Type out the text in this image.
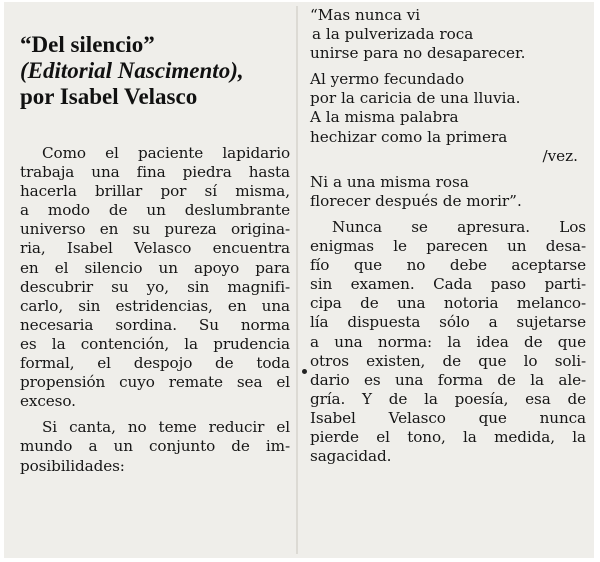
“Del silencio”
(Editorial Nascimento),
por Isabel Velasco
Como el paciente lapidario
trabaja una fina piedra hasta
hacerla brillar por sí misma,
a modo de un deslumbrante
universo en su pureza origina-
ria, Isabel Velasco encuentra
en el silencio un apoyo para
descubrir su yo, sin magnifi-
carlo, sin estridencias, en una
necesaria sordina. Su norma
es la contención, la prudencia
formal, el despojo de toda
propensión cuyo remate sea el
exceso.
Si canta, no teme reducir el
mundo a un conjunto de im-
posibilidades:
“Mas nunca vi
a la pulverizada roca
unirse para no desaparecer.
Al yermo fecundado
por la caricia de una lluvia.
A la misma palabra
hechizar como la primera
/vez.
Ni a una misma rosa
florecer después de morir”.
Nunca se apresura. Los
enigmas le parecen un desa-
fío que no debe aceptarse
sin examen. Cada paso parti-
cipa de una notoria melanco-
lía dispuesta sólo a sujetarse
a una norma: la idea de que
otros existen, de que lo soli-
dario es una forma de la ale-
gría. Y de la poesía, esa de
Isabel Velasco que nunca
pierde el tono, la medida, la
sagacidad.
